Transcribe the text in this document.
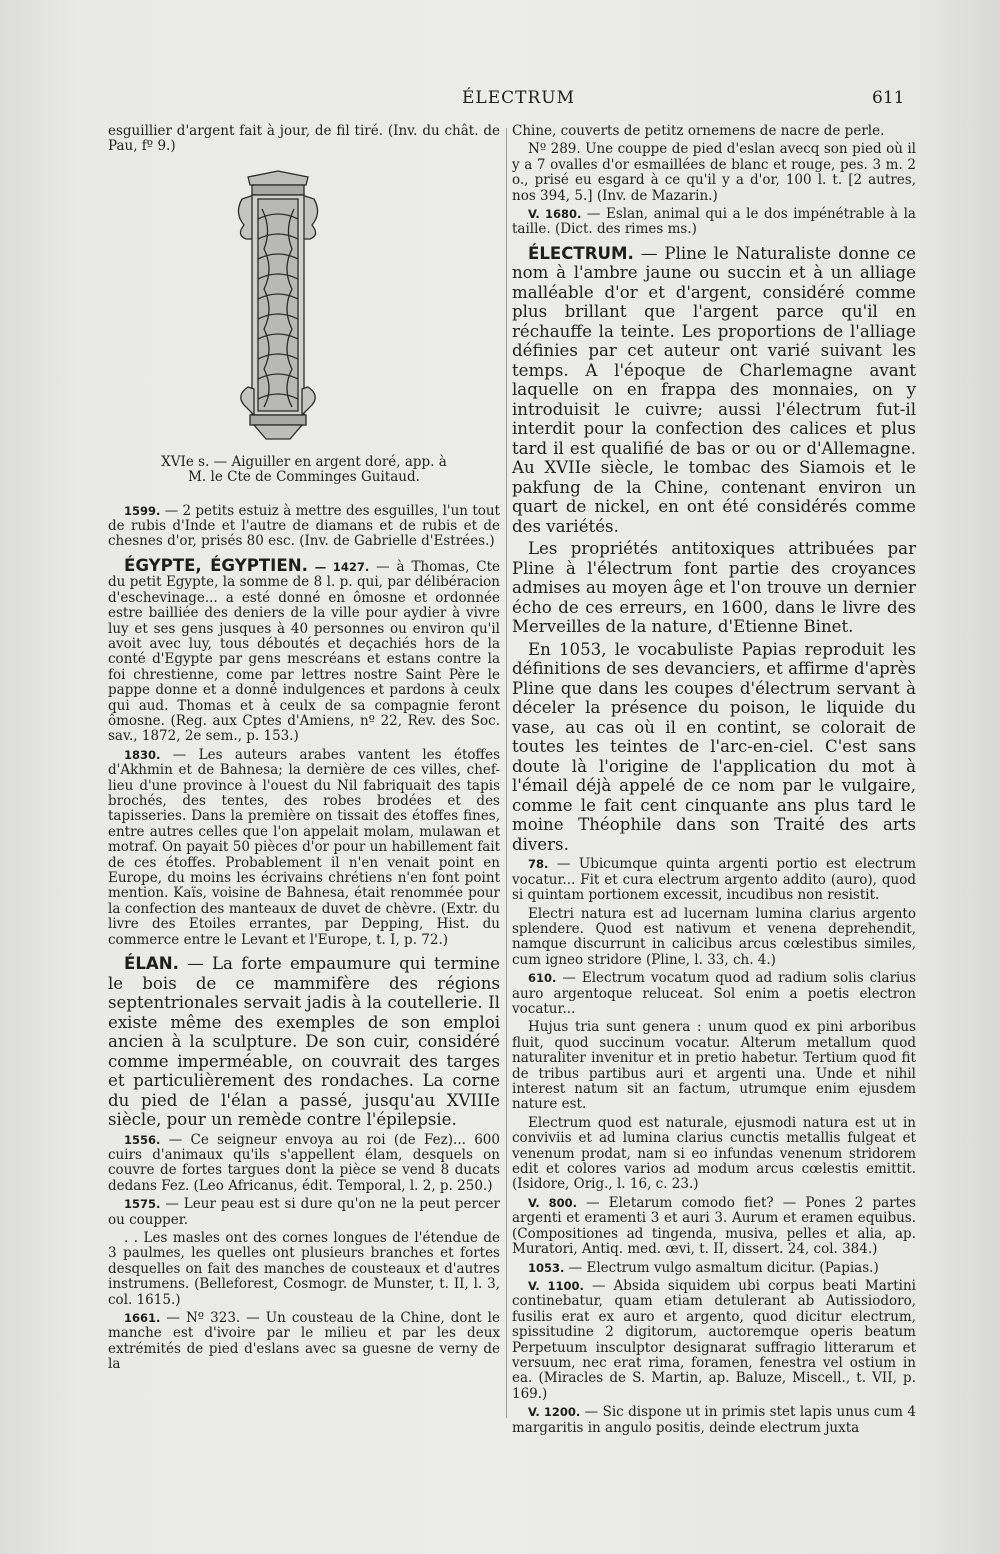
ÉLECTRUM	611

esguillier d'argent fait à jour, de fil tiré. (Inv. du chât. de Pau, fº 9.)

XVIe s. — Aiguiller en argent doré, app. à
M. le Cte de Comminges Guitaud.

1599. — 2 petits estuiz à mettre des esguilles, l'un tout de rubis d'Inde et l'autre de diamans et de rubis et de chesnes d'or, prisés 80 esc. (Inv. de Gabrielle d'Estrées.)

ÉGYPTE, ÉGYPTIEN. — 1427. — à Thomas, Cte du petit Egypte, la somme de 8 l. p. qui, par délibéracion d'eschevinage... a esté donné en ômosne et ordonnée estre bailliée des deniers de la ville pour aydier à vivre luy et ses gens jusques à 40 personnes ou environ qu'il avoit avec luy, tous déboutés et deçachiés hors de la conté d'Egypte par gens mescréans et estans contre la foi chrestienne, come par lettres nostre Saint Père le pappe donne et a donné indulgences et pardons à ceulx qui aud. Thomas et à ceulx de sa compagnie feront ômosne. (Reg. aux Cptes d'Amiens, nº 22, Rev. des Soc. sav., 1872, 2e sem., p. 153.)

1830. — Les auteurs arabes vantent les étoffes d'Akhmin et de Bahnesa; la dernière de ces villes, chef-lieu d'une province à l'ouest du Nil fabriquait des tapis brochés, des tentes, des robes brodées et des tapisseries. Dans la première on tissait des étoffes fines, entre autres celles que l'on appelait molam, mulawan et motraf. On payait 50 pièces d'or pour un habillement fait de ces étoffes. Probablement il n'en venait point en Europe, du moins les écrivains chrétiens n'en font point mention. Kaïs, voisine de Bahnesa, était renommée pour la confection des manteaux de duvet de chèvre. (Extr. du livre des Etoiles errantes, par Depping, Hist. du commerce entre le Levant et l'Europe, t. I, p. 72.)

ÉLAN. — La forte empaumure qui termine le bois de ce mammifère des régions septentrionales servait jadis à la coutellerie. Il existe même des exemples de son emploi ancien à la sculpture. De son cuir, considéré comme imperméable, on couvrait des targes et particulièrement des rondaches. La corne du pied de l'élan a passé, jusqu'au XVIIIe siècle, pour un remède contre l'épilepsie.

1556. — Ce seigneur envoya au roi (de Fez)... 600 cuirs d'animaux qu'ils s'appellent élam, desquels on couvre de fortes targues dont la pièce se vend 8 ducats dedans Fez. (Leo Africanus, édit. Temporal, l. 2, p. 250.)

1575. — Leur peau est si dure qu'on ne la peut percer ou coupper.

. . Les masles ont des cornes longues de l'étendue de 3 paulmes, les quelles ont plusieurs branches et fortes desquelles on fait des manches de cousteaux et d'autres instrumens. (Belleforest, Cosmogr. de Munster, t. II, l. 3, col. 1615.)

1661. — Nº 323. — Un cousteau de la Chine, dont le manche est d'ivoire par le milieu et par les deux extrémités de pied d'eslans avec sa guesne de verny de la

Chine, couverts de petitz ornemens de nacre de perle.

Nº 289. Une couppe de pied d'eslan avecq son pied où il y a 7 ovalles d'or esmaillées de blanc et rouge, pes. 3 m. 2 o., prisé eu esgard à ce qu'il y a d'or, 100 l. t. [2 autres, nos 394, 5.] (Inv. de Mazarin.)

V. 1680. — Eslan, animal qui a le dos impénétrable à la taille. (Dict. des rimes ms.)

ÉLECTRUM. — Pline le Naturaliste donne ce nom à l'ambre jaune ou succin et à un alliage malléable d'or et d'argent, considéré comme plus brillant que l'argent parce qu'il en réchauffe la teinte. Les proportions de l'alliage définies par cet auteur ont varié suivant les temps. A l'époque de Charlemagne avant laquelle on en frappa des monnaies, on y introduisit le cuivre; aussi l'électrum fut-il interdit pour la confection des calices et plus tard il est qualifié de bas or ou or d'Allemagne. Au XVIIe siècle, le tombac des Siamois et le pakfung de la Chine, contenant environ un quart de nickel, en ont été considérés comme des variétés.

Les propriétés antitoxiques attribuées par Pline à l'électrum font partie des croyances admises au moyen âge et l'on trouve un dernier écho de ces erreurs, en 1600, dans le livre des Merveilles de la nature, d'Etienne Binet.

En 1053, le vocabuliste Papias reproduit les définitions de ses devanciers, et affirme d'après Pline que dans les coupes d'électrum servant à déceler la présence du poison, le liquide du vase, au cas où il en contint, se colorait de toutes les teintes de l'arc-en-ciel. C'est sans doute là l'origine de l'application du mot à l'émail déjà appelé de ce nom par le vulgaire, comme le fait cent cinquante ans plus tard le moine Théophile dans son Traité des arts divers.

78. — Ubicumque quinta argenti portio est electrum vocatur... Fit et cura electrum argento addito (auro), quod si quintam portionem excessit, incudibus non resistit.

Electri natura est ad lucernam lumina clarius argento splendere. Quod est nativum et venena deprehendit, namque discurrunt in calicibus arcus cœlestibus similes, cum igneo stridore (Pline, l. 33, ch. 4.)

610. — Electrum vocatum quod ad radium solis clarius auro argentoque reluceat. Sol enim a poetis electron vocatur...

Hujus tria sunt genera : unum quod ex pini arboribus fluit, quod succinum vocatur. Alterum metallum quod naturaliter invenitur et in pretio habetur. Tertium quod fit de tribus partibus auri et argenti una. Unde et nihil interest natum sit an factum, utrumque enim ejusdem nature est.

Electrum quod est naturale, ejusmodi natura est ut in conviviis et ad lumina clarius cunctis metallis fulgeat et venenum prodat, nam si eo infundas venenum stridorem edit et colores varios ad modum arcus cœlestis emittit. (Isidore, Orig., l. 16, c. 23.)

V. 800. — Eletarum comodo fiet? — Pones 2 partes argenti et eramenti 3 et auri 3. Aurum et eramen equibus. (Compositiones ad tingenda, musiva, pelles et alia, ap. Muratori, Antiq. med. œvi, t. II, dissert. 24, col. 384.)

1053. — Electrum vulgo asmaltum dicitur. (Papias.)

V. 1100. — Absida siquidem ubi corpus beati Martini continebatur, quam etiam detulerant ab Autissiodoro, fusilis erat ex auro et argento, quod dicitur electrum, spissitudine 2 digitorum, auctoremque operis beatum Perpetuum insculptor designarat suffragio litterarum et versuum, nec erat rima, foramen, fenestra vel ostium in ea. (Miracles de S. Martin, ap. Baluze, Miscell., t. VII, p. 169.)

V. 1200. — Sic dispone ut in primis stet lapis unus cum 4 margaritis in angulo positis, deinde electrum juxta
